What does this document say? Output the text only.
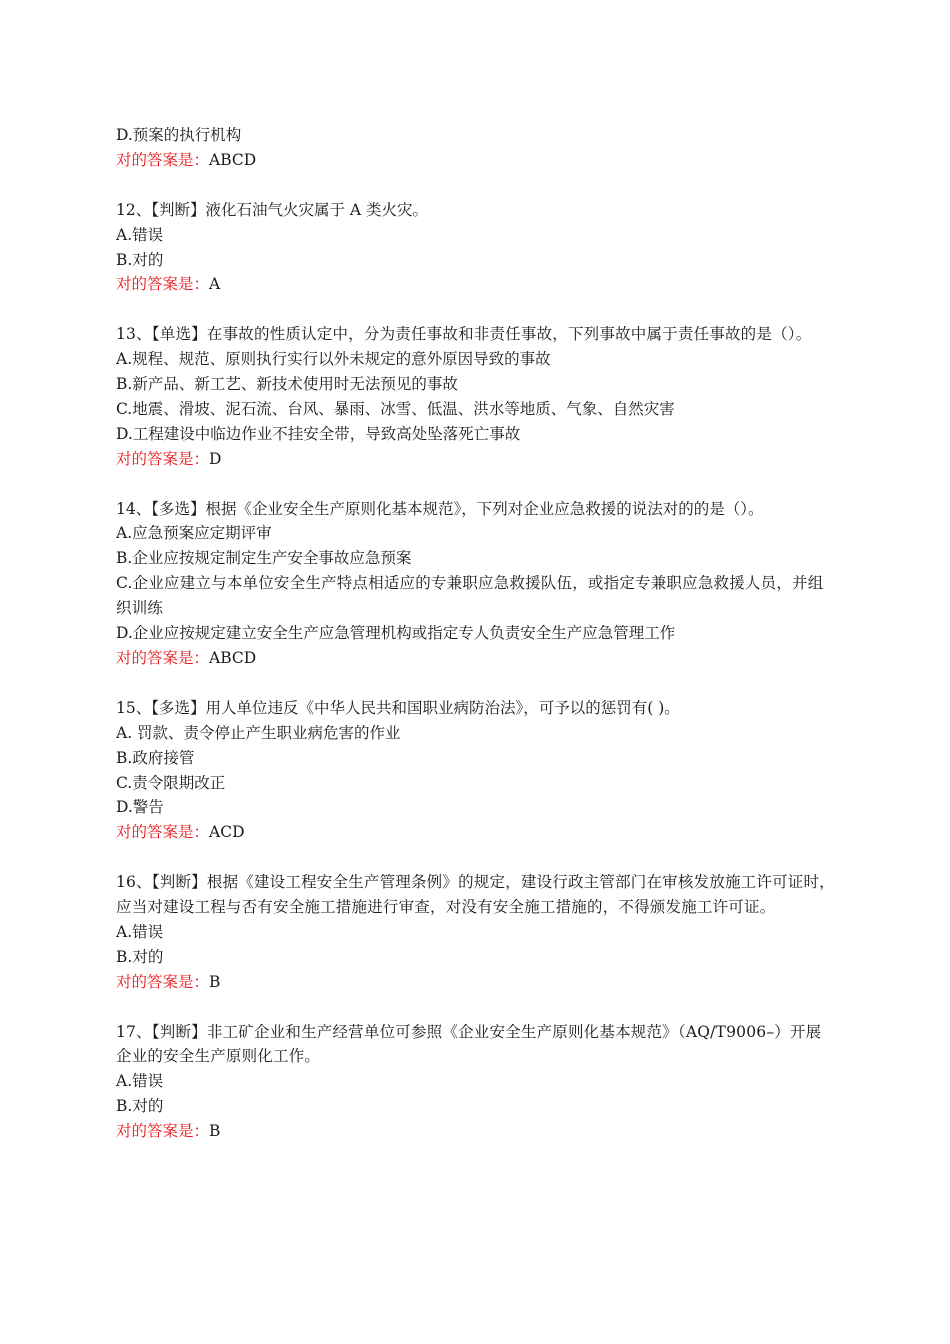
D.预案的执行机构
对的答案是：ABCD
12、【判断】液化石油气火灾属于 A 类火灾。
A.错误
B.对的
对的答案是：A
13、【单选】在事故的性质认定中，分为责任事故和非责任事故，下列事故中属于责任事故的是（）。
A.规程、规范、原则执行实行以外未规定的意外原因导致的事故
B.新产品、新工艺、新技术使用时无法预见的事故
C.地震、滑坡、泥石流、台风、暴雨、冰雪、低温、洪水等地质、气象、自然灾害
D.工程建设中临边作业不挂安全带，导致高处坠落死亡事故
对的答案是：D
14、【多选】根据《企业安全生产原则化基本规范》，下列对企业应急救援的说法对的的是（）。
A.应急预案应定期评审
B.企业应按规定制定生产安全事故应急预案
C.企业应建立与本单位安全生产特点相适应的专兼职应急救援队伍，或指定专兼职应急救援人员，并组织训练
D.企业应按规定建立安全生产应急管理机构或指定专人负责安全生产应急管理工作
对的答案是：ABCD
15、【多选】用人单位违反《中华人民共和国职业病防治法》，可予以的惩罚有( )。
A. 罚款、责令停止产生职业病危害的作业
B.政府接管
C.责令限期改正
D.警告
对的答案是：ACD
16、【判断】根据《建设工程安全生产管理条例》的规定，建设行政主管部门在审核发放施工许可证时，应当对建设工程与否有安全施工措施进行审查，对没有安全施工措施的，不得颁发施工许可证。
A.错误
B.对的
对的答案是：B
17、【判断】非工矿企业和生产经营单位可参照《企业安全生产原则化基本规范》（AQ/T9006–）开展企业的安全生产原则化工作。
A.错误
B.对的
对的答案是：B
